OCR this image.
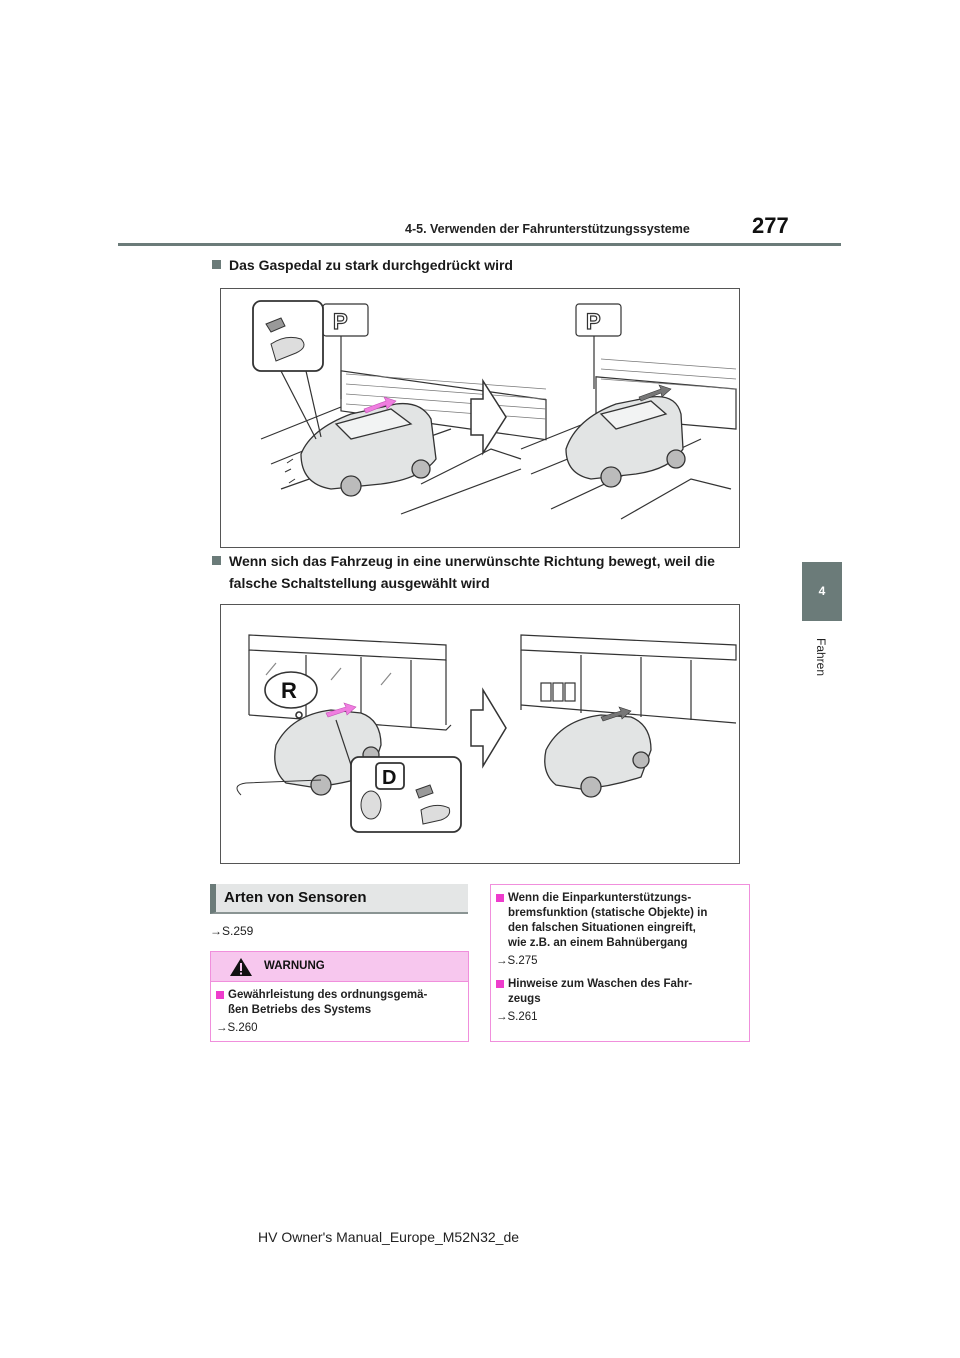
4-5. Verwenden der Fahrunterstützungssysteme	277
4
Fahren
Das Gaspedal zu stark durchgedrückt wird
P	P
Wenn sich das Fahrzeug in eine unerwünschte Richtung bewegt, weil die
falsche Schaltstellung ausgewählt wird
R
D
Arten von Sensoren
→S.259
WARNUNG
Gewährleistung des ordnungsgemä-
ßen Betriebs des Systems
→S.260
Wenn die Einparkunterstützungs-
bremsfunktion (statische Objekte) in
den falschen Situationen eingreift,
wie z.B. an einem Bahnübergang
→S.275
Hinweise zum Waschen des Fahr-
zeugs
→S.261
HV Owner's Manual_Europe_M52N32_de
